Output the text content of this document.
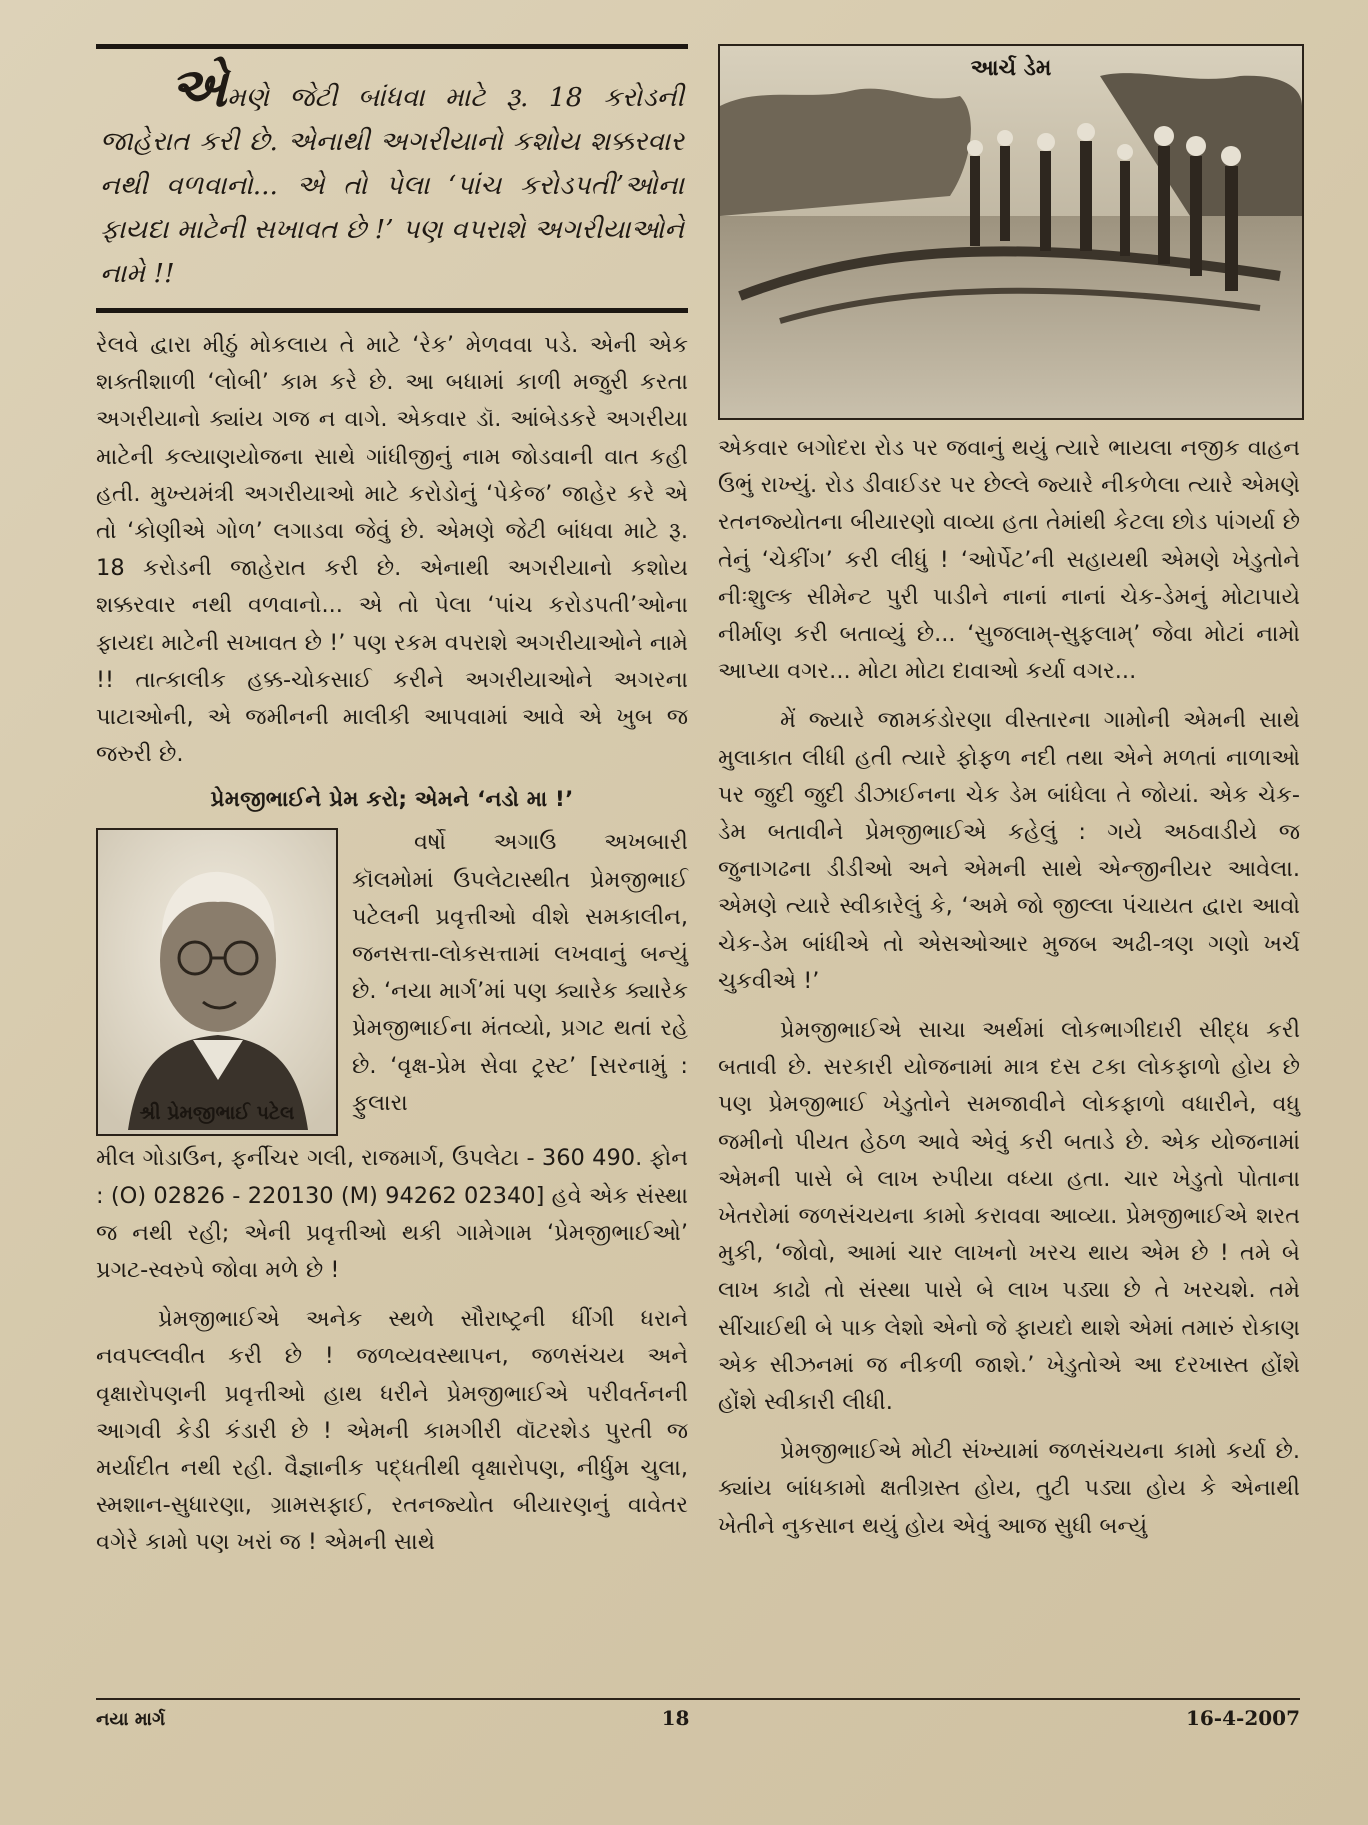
એમણે જેટી બાંધવા માટે રૂ. 18 કરોડની જાહેરાત કરી છે. એનાથી અગરીયાનો કશોય શક્કરવાર નથી વળવાનો... એ તો પેલા ‘પાંચ કરોડપતી’ઓના ફાયદા માટેની સખાવત છે !’ પણ વપરાશે અગરીયાઓને નામે !!

રેલવે દ્વારા મીઠું મોકલાય તે માટે ‘રેક’ મેળવવા પડે. એની એક શક્તીશાળી ‘લોબી’ કામ કરે છે. આ બધામાં કાળી મજુરી કરતા અગરીયાનો ક્યાંય ગજ ન વાગે. એકવાર ડૉ. આંબેડકરે અગરીયા માટેની કલ્યાણયોજના સાથે ગાંધીજીનું નામ જોડવાની વાત કહી હતી. મુખ્યમંત્રી અગરીયાઓ માટે કરોડોનું ‘પેકેજ’ જાહેર કરે એ તો ‘કોણીએ ગોળ’ લગાડવા જેવું છે. એમણે જેટી બાંધવા માટે રૂ. 18 કરોડની જાહેરાત કરી છે. એનાથી અગરીયાનો કશોય શક્કરવાર નથી વળવાનો... એ તો પેલા ‘પાંચ કરોડપતી’ઓના ફાયદા માટેની સખાવત છે !’ પણ રકમ વપરાશે અગરીયાઓને નામે !! તાત્કાલીક હક્ક-ચોકસાઈ કરીને અગરીયાઓને અગરના પાટાઓની, એ જમીનની માલીકી આપવામાં આવે એ ખુબ જ જરુરી છે.

પ્રેમજીભાઈને પ્રેમ કરો; એમને ‘નડો મા !’
શ્રી પ્રેમજીભાઈ પટેલ

વર્ષો અગાઉ અખબારી કૉલમોમાં ઉપલેટાસ્થીત પ્રેમજીભાઈ પટેલની પ્રવૃત્તીઓ વીશે સમકાલીન, જનસત્તા-લોકસત્તામાં લખવાનું બન્યું છે. ‘નયા માર્ગ’માં પણ ક્યારેક ક્યારેક પ્રેમજીભાઈના મંતવ્યો, પ્રગટ થતાં રહે છે. ‘વૃક્ષ-પ્રેમ સેવા ટ્રસ્ટ’ [સરનામું : ફુલારા

મીલ ગોડાઉન, ફર્નીચર ગલી, રાજમાર્ગ, ઉપલેટા - 360 490. ફોન : (O) 02826 - 220130 (M) 94262 02340] હવે એક સંસ્થા જ નથી રહી; એની પ્રવૃત્તીઓ થકી ગામેગામ ‘પ્રેમજીભાઈઓ’ પ્રગટ-સ્વરુપે જોવા મળે છે !

પ્રેમજીભાઈએ અનેક સ્થળે સૌરાષ્ટ્રની ધીંગી ધરાને નવપલ્લવીત કરી છે ! જળવ્યવસ્થાપન, જળસંચય અને વૃક્ષારોપણની પ્રવૃત્તીઓ હાથ ધરીને પ્રેમજીભાઈએ પરીવર્તનની આગવી કેડી કંડારી છે ! એમની કામગીરી વૉટરશેડ પુરતી જ મર્યાદીત નથી રહી. વૈજ્ઞાનીક પદ્ધતીથી વૃક્ષારોપણ, નીર્ધુમ ચુલા, સ્મશાન-સુધારણા, ગ્રામસફાઈ, રતનજ્યોત બીયારણનું વાવેતર વગેરે કામો પણ ખરાં જ ! એમની સાથે

આર્ચ ડેમ

એકવાર બગોદરા રોડ પર જવાનું થયું ત્યારે ભાયલા નજીક વાહન ઉભું રાખ્યું. રોડ ડીવાઈડર પર છેલ્લે જ્યારે નીકળેલા ત્યારે એમણે રતનજ્યોતના બીયારણો વાવ્યા હતા તેમાંથી કેટલા છોડ પાંગર્યા છે તેનું ‘ચેકીંગ’ કરી લીધું ! ‘ઓર્પેટ’ની સહાયથી એમણે ખેડુતોને નીઃશુલ્ક સીમેન્ટ પુરી પાડીને નાનાં નાનાં ચેક-ડેમનું મોટાપાયે નીર્માણ કરી બતાવ્યું છે... ‘સુજલામ્-સુફલામ્’ જેવા મોટાં નામો આપ્યા વગર... મોટા મોટા દાવાઓ કર્યા વગર...

મેં જ્યારે જામકંડોરણા વીસ્તારના ગામોની એમની સાથે મુલાકાત લીધી હતી ત્યારે ફોફળ નદી તથા એને મળતાં નાળાઓ પર જુદી જુદી ડીઝાઈનના ચેક ડેમ બાંધેલા તે જોયાં. એક ચેક-ડેમ બતાવીને પ્રેમજીભાઈએ કહેલું : ગયે અઠવાડીયે જ જુનાગઢના ડીડીઓ અને એમની સાથે એન્જીનીયર આવેલા. એમણે ત્યારે સ્વીકારેલું કે, ‘અમે જો જીલ્લા પંચાયત દ્વારા આવો ચેક-ડેમ બાંધીએ તો એસઓઆર મુજબ અઢી-ત્રણ ગણો ખર્ચ ચુકવીએ !’

પ્રેમજીભાઈએ સાચા અર્થમાં લોકભાગીદારી સીદ્ધ કરી બતાવી છે. સરકારી યોજનામાં માત્ર દસ ટકા લોકફાળો હોય છે પણ પ્રેમજીભાઈ ખેડુતોને સમજાવીને લોકફાળો વધારીને, વધુ જમીનો પીયત હેઠળ આવે એવું કરી બતાડે છે. એક યોજનામાં એમની પાસે બે લાખ રુપીયા વધ્યા હતા. ચાર ખેડુતો પોતાના ખેતરોમાં જળસંચયના કામો કરાવવા આવ્યા. પ્રેમજીભાઈએ શરત મુકી, ‘જોવો, આમાં ચાર લાખનો ખરચ થાય એમ છે ! તમે બે લાખ કાઢો તો સંસ્થા પાસે બે લાખ પડ્યા છે તે ખરચશે. તમે સીંચાઈથી બે પાક લેશો એનો જે ફાયદો થાશે એમાં તમારું રોકાણ એક સીઝનમાં જ નીકળી જાશે.’ ખેડુતોએ આ દરખાસ્ત હોંશે હોંશે સ્વીકારી લીધી.

પ્રેમજીભાઈએ મોટી સંખ્યામાં જળસંચયના કામો કર્યા છે. ક્યાંય બાંધકામો ક્ષતીગ્રસ્ત હોય, તુટી પડ્યા હોય કે એનાથી ખેતીને નુકસાન થયું હોય એવું આજ સુધી બન્યું

નયા માર્ગ	18	16-4-2007
